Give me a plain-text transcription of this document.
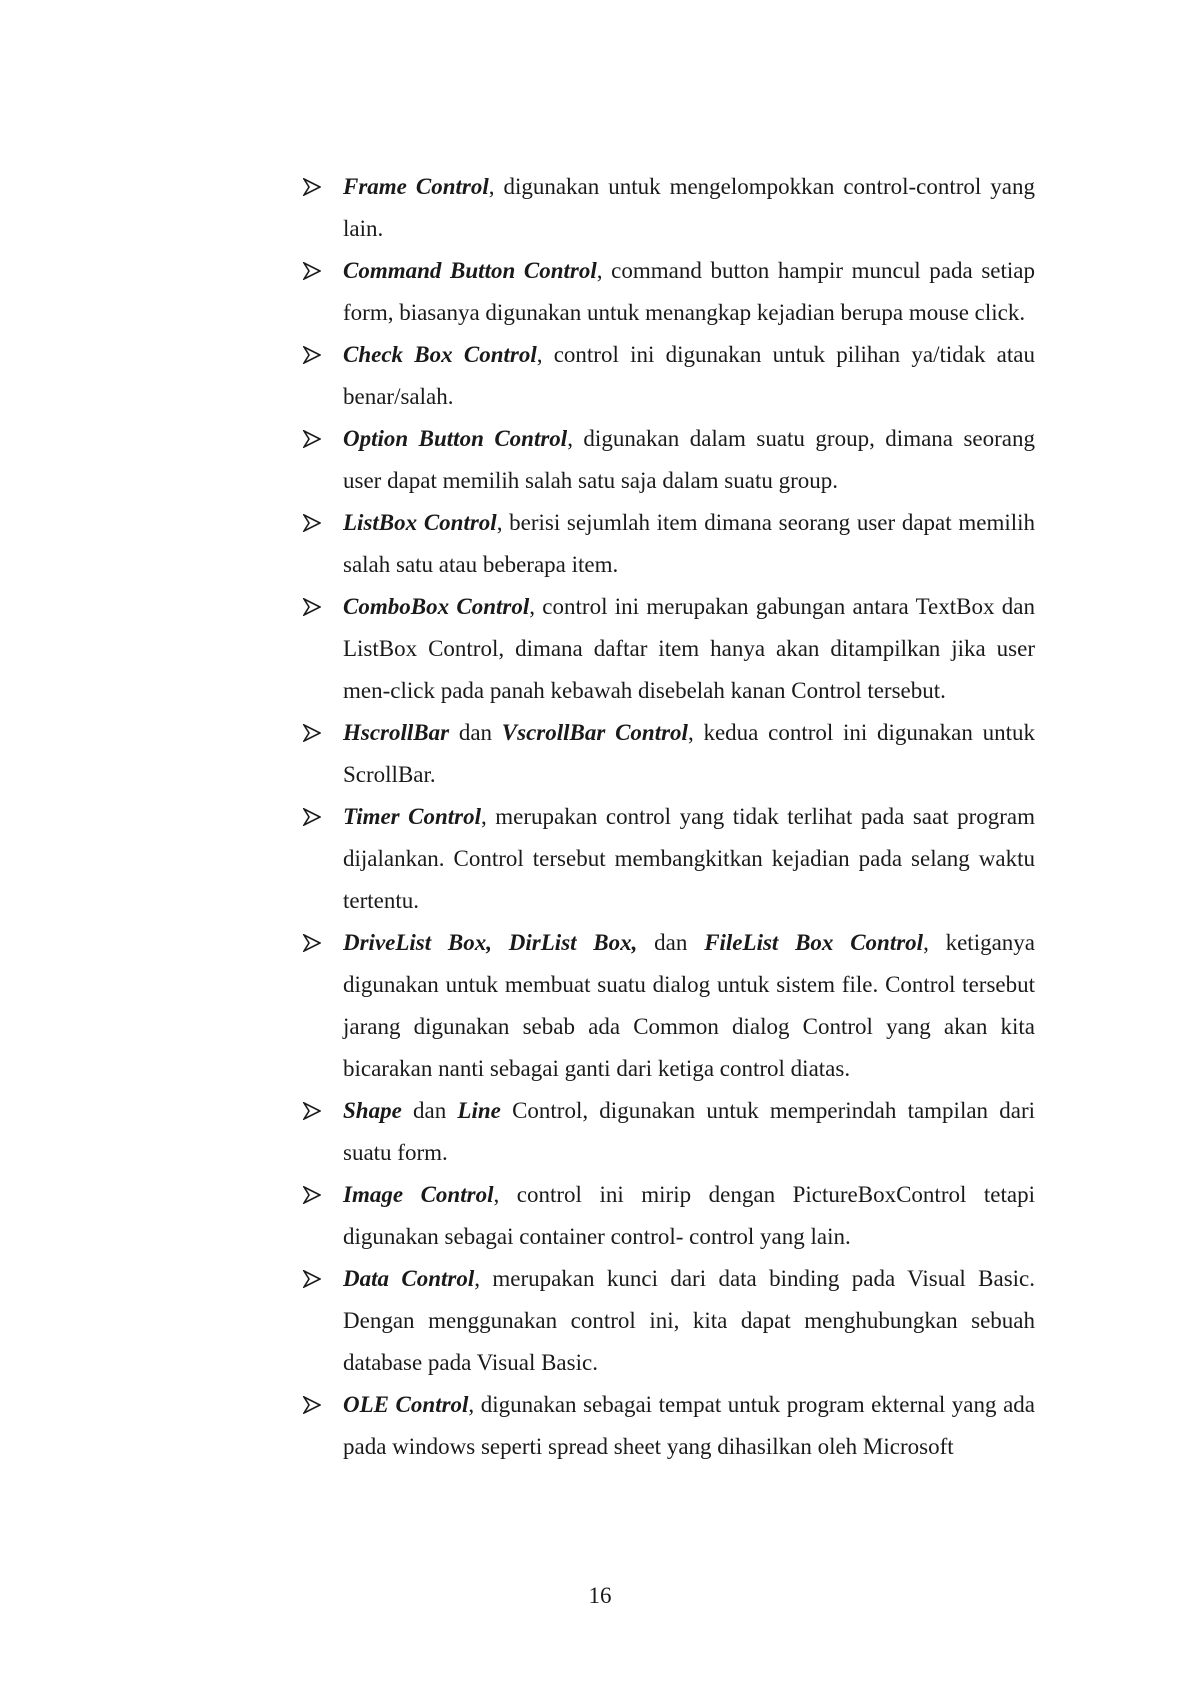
Frame Control, digunakan untuk mengelompokkan control-control yang lain.
Command Button Control, command button hampir muncul pada setiap form, biasanya digunakan untuk menangkap kejadian berupa mouse click.
Check Box Control, control ini digunakan untuk pilihan ya/tidak atau benar/salah.
Option Button Control, digunakan dalam suatu group, dimana seorang user dapat memilih salah satu saja dalam suatu group.
ListBox Control, berisi sejumlah item dimana seorang user dapat memilih salah satu atau beberapa item.
ComboBox Control, control ini merupakan gabungan antara TextBox dan ListBox Control, dimana daftar item hanya akan ditampilkan jika user men-click pada panah kebawah disebelah kanan Control tersebut.
HscrollBar dan VscrollBar Control, kedua control ini digunakan untuk ScrollBar.
Timer Control, merupakan control yang tidak terlihat pada saat program dijalankan. Control tersebut membangkitkan kejadian pada selang waktu tertentu.
DriveList Box, DirList Box, dan FileList Box Control, ketiganya digunakan untuk membuat suatu dialog untuk sistem file. Control tersebut jarang digunakan sebab ada Common dialog Control yang akan kita bicarakan nanti sebagai ganti dari ketiga control diatas.
Shape dan Line Control, digunakan untuk memperindah tampilan dari suatu form.
Image Control, control ini mirip dengan PictureBoxControl tetapi digunakan sebagai container control- control yang lain.
Data Control, merupakan kunci dari data binding pada Visual Basic. Dengan menggunakan control ini, kita dapat menghubungkan sebuah database pada Visual Basic.
OLE Control, digunakan sebagai tempat untuk program ekternal yang ada pada windows seperti spread sheet yang dihasilkan oleh Microsoft
16
